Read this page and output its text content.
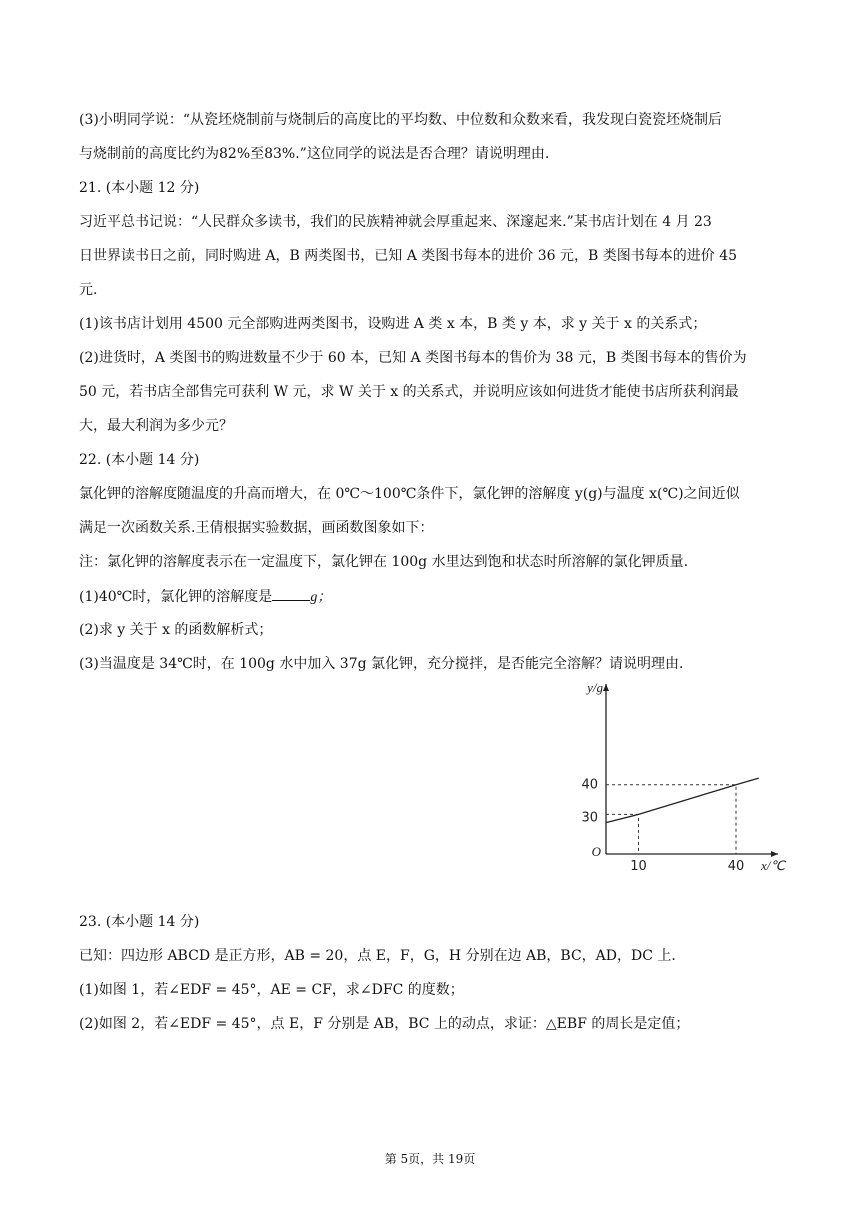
(3)小明同学说：“从瓷坯烧制前与烧制后的高度比的平均数、中位数和众数来看，我发现白瓷瓷坯烧制后
与烧制前的高度比约为82%至83%.”这位同学的说法是否合理？请说明理由.
21. (本小题 12 分)
习近平总书记说：“人民群众多读书，我们的民族精神就会厚重起来、深邃起来.”某书店计划在 4 月 23
日世界读书日之前，同时购进 A，B 两类图书，已知 A 类图书每本的进价 36 元，B 类图书每本的进价 45
元.
(1)该书店计划用 4500 元全部购进两类图书，设购进 A 类 x 本，B 类 y 本，求 y 关于 x 的关系式；
(2)进货时，A 类图书的购进数量不少于 60 本，已知 A 类图书每本的售价为 38 元，B 类图书每本的售价为
50 元，若书店全部售完可获利 W 元，求 W 关于 x 的关系式，并说明应该如何进货才能使书店所获利润最
大，最大利润为多少元？
22. (本小题 14 分)
氯化钾的溶解度随温度的升高而增大，在 0℃～100℃条件下，氯化钾的溶解度 y(g)与温度 x(℃)之间近似
满足一次函数关系.王倩根据实验数据，画函数图象如下：
注：氯化钾的溶解度表示在一定温度下，氯化钾在 100g 水里达到饱和状态时所溶解的氯化钾质量.
(1)40℃时，氯化钾的溶解度是	g；
(2)求 y 关于 x 的函数解析式；
(3)当温度是 34℃时，在 100g 水中加入 37g 氯化钾，充分搅拌，是否能完全溶解？请说明理由.
10	40
30
40
O
x/℃
y/g
23. (本小题 14 分)
已知：四边形 ABCD 是正方形，AB = 20，点 E，F，G，H 分别在边 AB，BC，AD，DC 上.
(1)如图 1，若∠EDF = 45°，AE = CF，求∠DFC 的度数；
(2)如图 2，若∠EDF = 45°，点 E，F 分别是 AB，BC 上的动点，求证：△EBF 的周长是定值；
第 5页，共 19页
